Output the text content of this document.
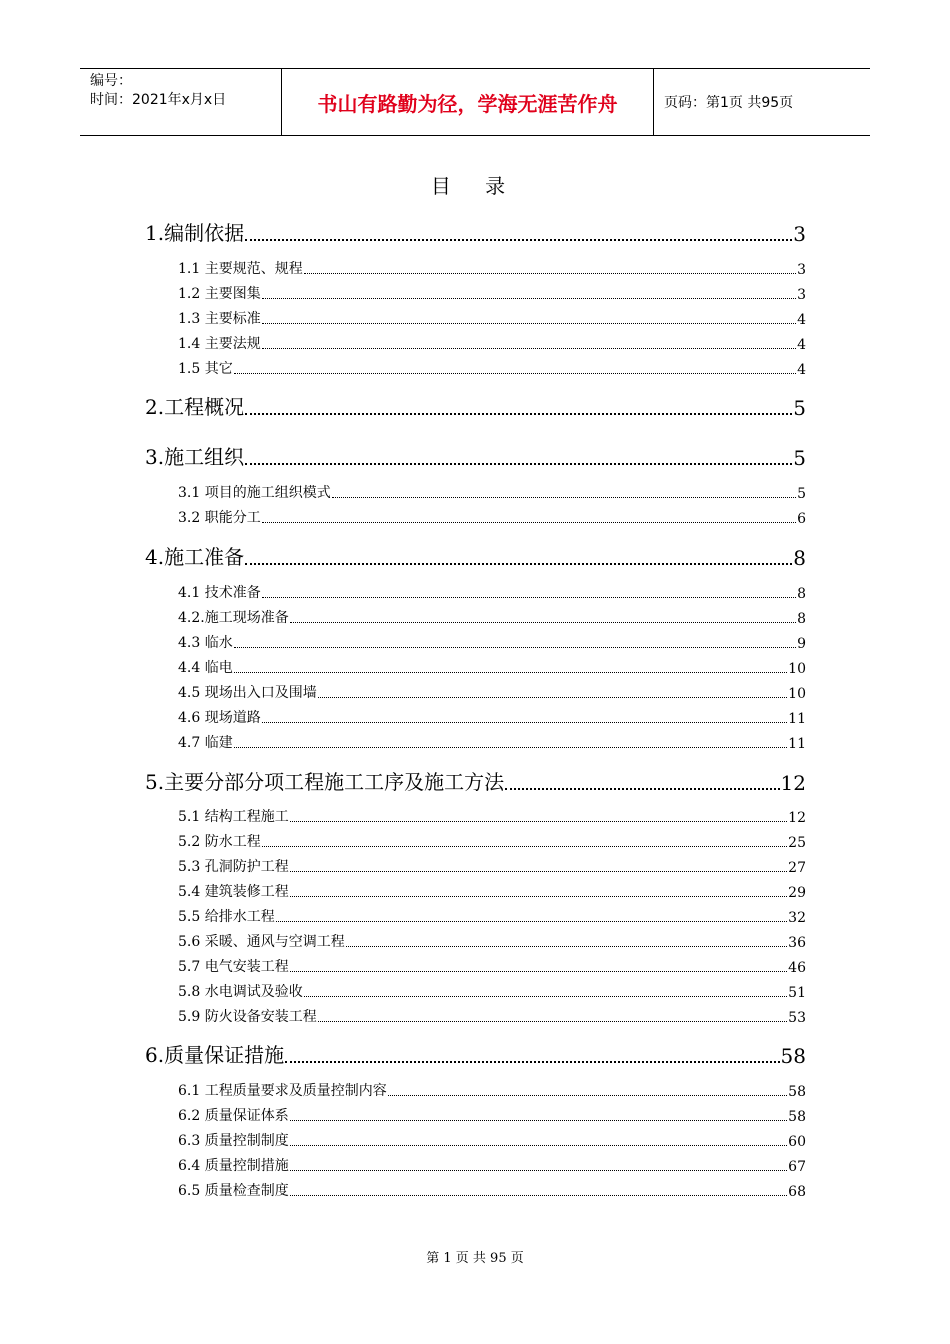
编号：
时间：2021年x月x日	书山有路勤为径，学海无涯苦作舟	页码：第1页 共95页
目 录
1.编制依据	3
1.1 主要规范、规程	3
1.2 主要图集	3
1.3 主要标准	4
1.4 主要法规	4
1.5 其它	4
2.工程概况	5
3.施工组织	5
3.1 项目的施工组织模式	5
3.2 职能分工	6
4.施工准备	8
4.1 技术准备	8
4.2.施工现场准备	8
4.3 临水	9
4.4 临电	10
4.5 现场出入口及围墙	10
4.6 现场道路	11
4.7 临建	11
5.主要分部分项工程施工工序及施工方法	12
5.1 结构工程施工	12
5.2 防水工程	25
5.3 孔洞防护工程	27
5.4 建筑装修工程	29
5.5 给排水工程	32
5.6 采暖、通风与空调工程	36
5.7 电气安装工程	46
5.8 水电调试及验收	51
5.9 防火设备安装工程	53
6.质量保证措施	58
6.1 工程质量要求及质量控制内容	58
6.2 质量保证体系	58
6.3 质量控制制度	60
6.4 质量控制措施	67
6.5 质量检查制度	68
第 1 页 共 95 页
